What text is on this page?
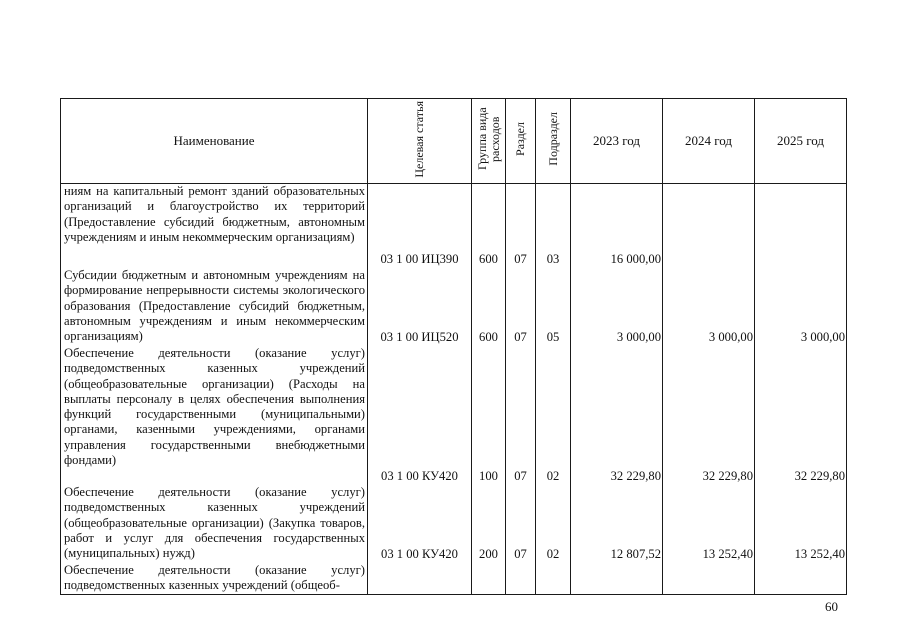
Наименование	Целевая статья	Группа вида расходов	Раздел	Подраздел	2023 год	2024 год	2025 год
ниям на капитальный ремонт зданий образовательных организаций и благоустройство их территорий (Предоставление субсидий бюджетным, автономным учреждениям и иным некоммерческим организациям)	03 1 00 ИЦ390	600	07	03	16 000,00		
Субсидии бюджетным и автономным учреждениям на формирование непрерывности системы экологического образования (Предоставление субсидий бюджетным, автономным учреждениям и иным некоммерческим организациям)	03 1 00 ИЦ520	600	07	05	3 000,00	3 000,00	3 000,00
Обеспечение деятельности (оказание услуг) подведомственных казенных учреждений (общеобразовательные организации) (Расходы на выплаты персоналу в целях обеспечения выполнения функций государственными (муниципальными) органами, казенными учреждениями, органами управления государственными внебюджетными фондами)	03 1 00 КУ420	100	07	02	32 229,80	32 229,80	32 229,80
Обеспечение деятельности (оказание услуг) подведомственных казенных учреждений (общеобразовательные организации) (Закупка товаров, работ и услуг для обеспечения государственных (муниципальных) нужд)	03 1 00 КУ420	200	07	02	12 807,52	13 252,40	13 252,40
Обеспечение деятельности (оказание услуг) подведомственных казенных учреждений (общеоб-							
60
